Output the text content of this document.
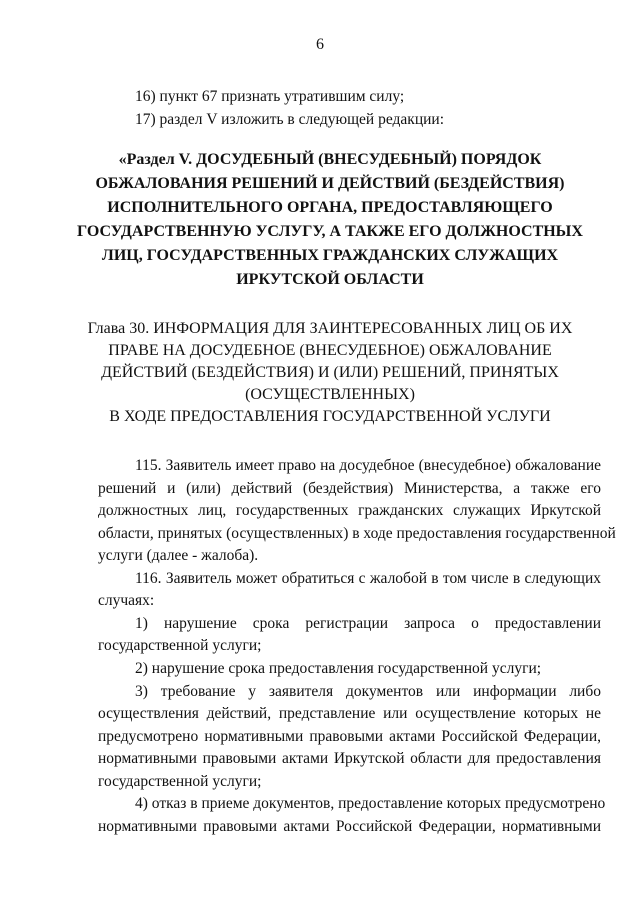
6
16) пункт 67 признать утратившим силу;
17) раздел V изложить в следующей редакции:
«Раздел V. ДОСУДЕБНЫЙ (ВНЕСУДЕБНЫЙ) ПОРЯДОК
ОБЖАЛОВАНИЯ РЕШЕНИЙ И ДЕЙСТВИЙ (БЕЗДЕЙСТВИЯ)
ИСПОЛНИТЕЛЬНОГО ОРГАНА, ПРЕДОСТАВЛЯЮЩЕГО
ГОСУДАРСТВЕННУЮ УСЛУГУ, А ТАКЖЕ ЕГО ДОЛЖНОСТНЫХ
ЛИЦ, ГОСУДАРСТВЕННЫХ ГРАЖДАНСКИХ СЛУЖАЩИХ
ИРКУТСКОЙ ОБЛАСТИ
Глава 30. ИНФОРМАЦИЯ ДЛЯ ЗАИНТЕРЕСОВАННЫХ ЛИЦ ОБ ИХ
ПРАВЕ НА ДОСУДЕБНОЕ (ВНЕСУДЕБНОЕ) ОБЖАЛОВАНИЕ
ДЕЙСТВИЙ (БЕЗДЕЙСТВИЯ) И (ИЛИ) РЕШЕНИЙ, ПРИНЯТЫХ
(ОСУЩЕСТВЛЕННЫХ)
В ХОДЕ ПРЕДОСТАВЛЕНИЯ ГОСУДАРСТВЕННОЙ УСЛУГИ
115. Заявитель имеет право на досудебное (внесудебное) обжалование
решений и (или) действий (бездействия) Министерства, а также его
должностных лиц, государственных гражданских служащих Иркутской
области, принятых (осуществленных) в ходе предоставления государственной
услуги (далее - жалоба).
116. Заявитель может обратиться с жалобой в том числе в следующих
случаях:
1) нарушение срока регистрации запроса о предоставлении
государственной услуги;
2) нарушение срока предоставления государственной услуги;
3) требование у заявителя документов или информации либо
осуществления действий, представление или осуществление которых не
предусмотрено нормативными правовыми актами Российской Федерации,
нормативными правовыми актами Иркутской области для предоставления
государственной услуги;
4) отказ в приеме документов, предоставление которых предусмотрено
нормативными правовыми актами Российской Федерации, нормативными
